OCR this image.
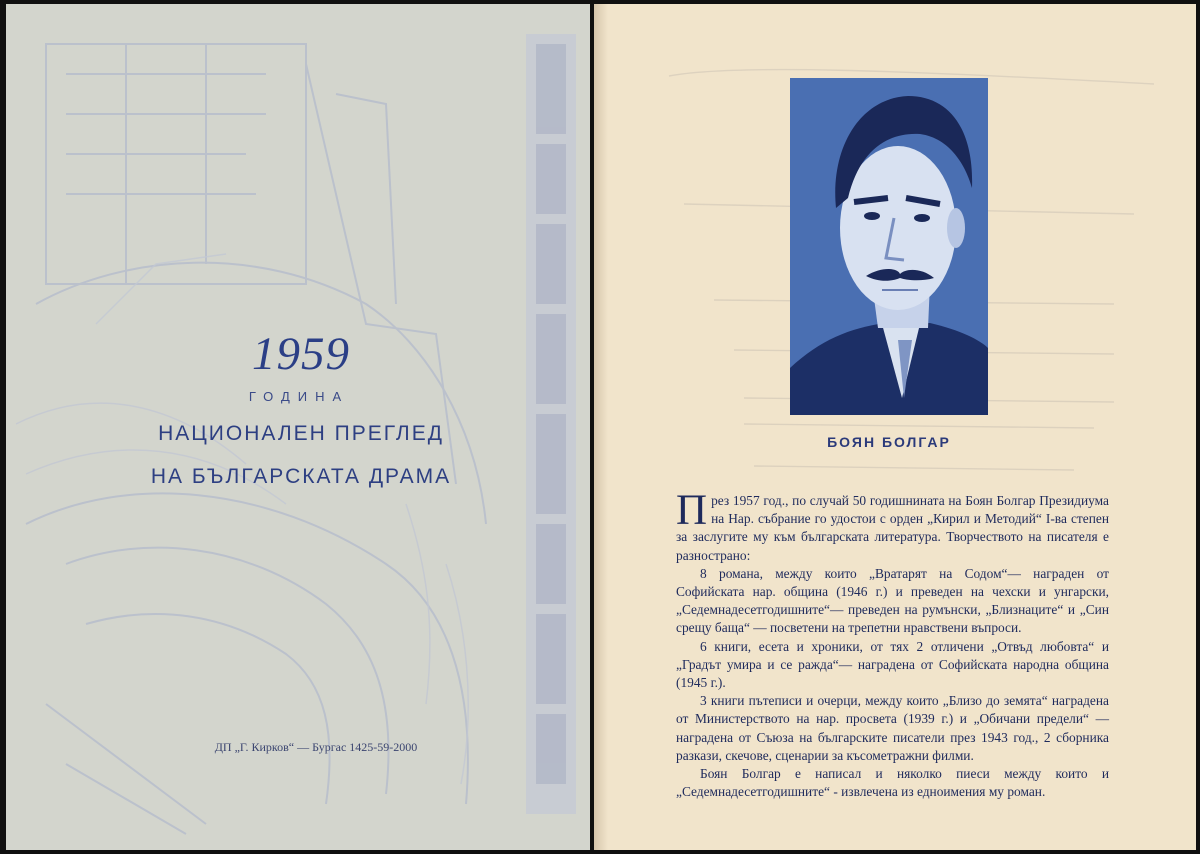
1959
ГОДИНА
НАЦИОНАЛЕН ПРЕГЛЕД
НА БЪЛГАРСКАТА ДРАМА
ДП „Г. Кирков“ — Бургас 1425-59-2000
БОЯН БОЛГАР

През 1957 год., по случай 50 годишнината на Боян Болгар Президиума на Нар. събрание го удостои с орден „Кирил и Методий“ I-ва степен за заслугите му към българската литература. Творчеството на писателя е разнострано:

8 романа, между които „Вратарят на Содом“— награден от Софийската нар. община (1946 г.) и преведен на чехски и унгарски, „Седемнадесетгодишните“— преведен на румънски, „Близнаците“ и „Син срещу баща“ — посветени на трепетни нравствени въпроси.

6 книги, есета и хроники, от тях 2 отличени „Отвъд любовта“ и „Градът умира и се ражда“— наградена от Софийската народна община (1945 г.).

3 книги пътеписи и очерци, между които „Близо до земята“ наградена от Министерството на нар. просвета (1939 г.) и „Обичани предели“ — наградена от Съюза на българските писатели през 1943 год., 2 сборника разкази, скечове, сценарии за късометражни филми.

Боян Болгар е написал и няколко пиеси между които и „Седемнадесетгодишните“ - извлечена из едноимения му роман.
